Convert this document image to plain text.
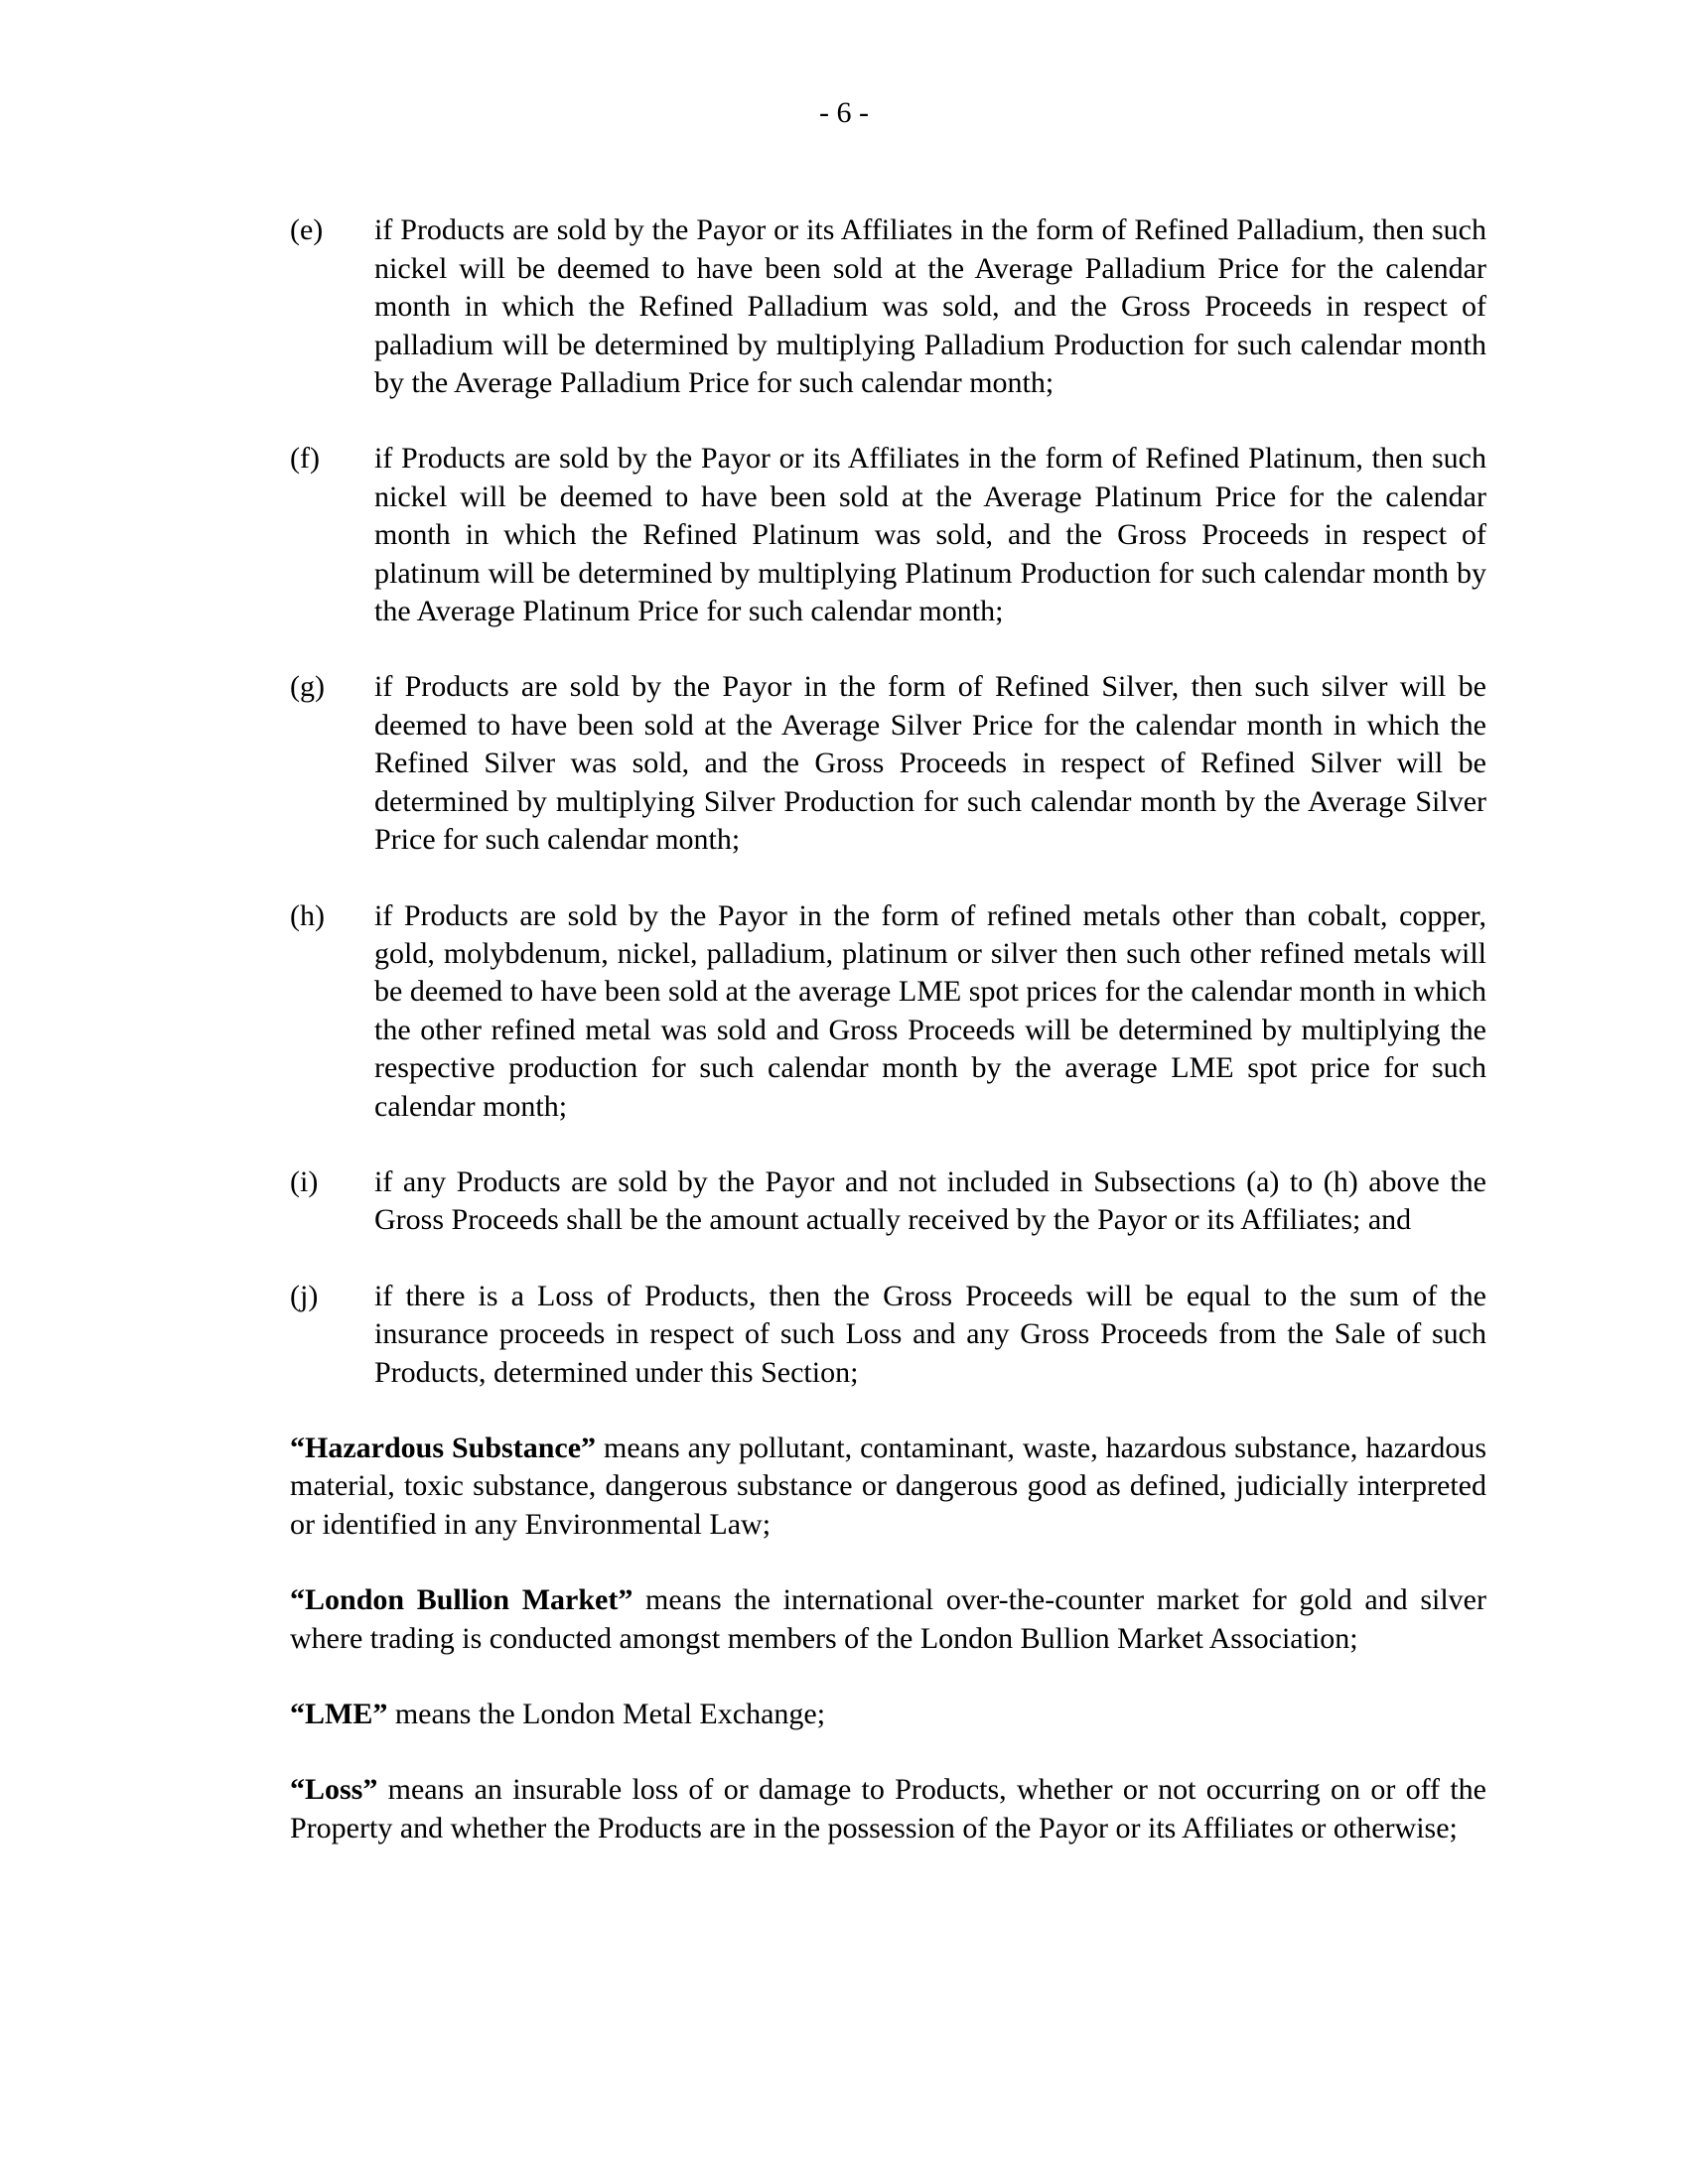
- 6 -
(e)	if Products are sold by the Payor or its Affiliates in the form of Refined Palladium, then such nickel will be deemed to have been sold at the Average Palladium Price for the calendar month in which the Refined Palladium was sold, and the Gross Proceeds in respect of palladium will be determined by multiplying Palladium Production for such calendar month by the Average Palladium Price for such calendar month;
(f)	if Products are sold by the Payor or its Affiliates in the form of Refined Platinum, then such nickel will be deemed to have been sold at the Average Platinum Price for the calendar month in which the Refined Platinum was sold, and the Gross Proceeds in respect of platinum will be determined by multiplying Platinum Production for such calendar month by the Average Platinum Price for such calendar month;
(g)	if Products are sold by the Payor in the form of Refined Silver, then such silver will be deemed to have been sold at the Average Silver Price for the calendar month in which the Refined Silver was sold, and the Gross Proceeds in respect of Refined Silver will be determined by multiplying Silver Production for such calendar month by the Average Silver Price for such calendar month;
(h)	if Products are sold by the Payor in the form of refined metals other than cobalt, copper, gold, molybdenum, nickel, palladium, platinum or silver then such other refined metals will be deemed to have been sold at the average LME spot prices for the calendar month in which the other refined metal was sold and Gross Proceeds will be determined by multiplying the respective production for such calendar month by the average LME spot price for such calendar month;
(i)	if any Products are sold by the Payor and not included in Subsections (a) to (h) above the Gross Proceeds shall be the amount actually received by the Payor or its Affiliates; and
(j)	if there is a Loss of Products, then the Gross Proceeds will be equal to the sum of the insurance proceeds in respect of such Loss and any Gross Proceeds from the Sale of such Products, determined under this Section;

“Hazardous Substance” means any pollutant, contaminant, waste, hazardous substance, hazardous material, toxic substance, dangerous substance or dangerous good as defined, judicially interpreted or identified in any Environmental Law;

“London Bullion Market” means the international over-the-counter market for gold and silver where trading is conducted amongst members of the London Bullion Market Association;

“LME” means the London Metal Exchange;

“Loss” means an insurable loss of or damage to Products, whether or not occurring on or off the Property and whether the Products are in the possession of the Payor or its Affiliates or otherwise;
